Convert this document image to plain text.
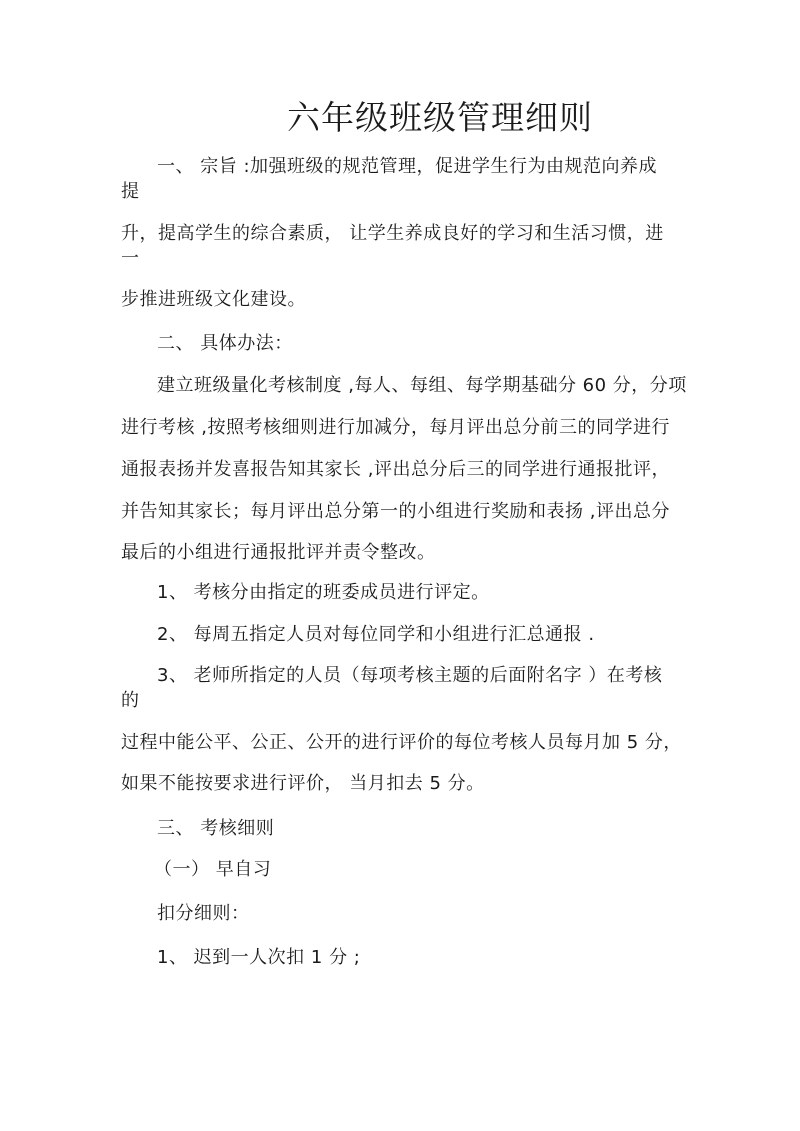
六年级班级管理细则
一、 宗旨 :加强班级的规范管理，促进学生行为由规范向养成
提
升，提高学生的综合素质， 让学生养成良好的学习和生活习惯，进
一
步推进班级文化建设。
二、 具体办法：
建立班级量化考核制度 ,每人、每组、每学期基础分 60 分，分项
进行考核 ,按照考核细则进行加减分，每月评出总分前三的同学进行
通报表扬并发喜报告知其家长 ,评出总分后三的同学进行通报批评，
并告知其家长；每月评出总分第一的小组进行奖励和表扬 ,评出总分
最后的小组进行通报批评并责令整改。
1、 考核分由指定的班委成员进行评定。
2、 每周五指定人员对每位同学和小组进行汇总通报 .
3、 老师所指定的人员（每项考核主题的后面附名字 ）在考核
的
过程中能公平、公正、公开的进行评价的每位考核人员每月加 5 分，
如果不能按要求进行评价， 当月扣去 5 分。
三、 考核细则
（一） 早自习
扣分细则：
1、 迟到一人次扣 1 分 ;
